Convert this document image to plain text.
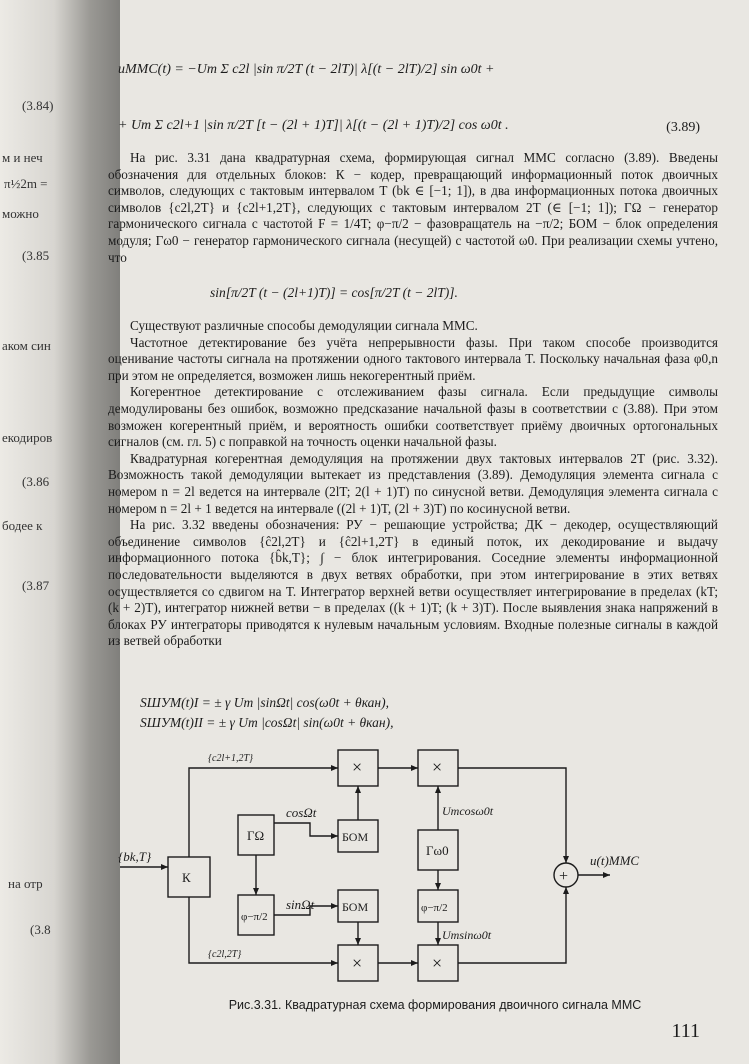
(3.84)
м и неч
π½2m =
можно
(3.85
аком син
екодиров
(3.86
бодее к
(3.87
на отр
(3.8
uММС(t) = −Um Σ c2l |sin π/2T (t − 2lT)| λ[(t − 2lT)/2] sin ω0t +
+ Um Σ c2l+1 |sin π/2T [t − (2l + 1)T]| λ[(t − (2l + 1)T)/2] cos ω0t .	(3.89)

На рис. 3.31 дана квадратурная схема, формирующая сигнал ММС согласно (3.89). Введены обозначения для отдельных блоков: К − кодер, превращающий информационный поток двоичных символов, следующих с тактовым интервалом T (bk ∈ [−1; 1]), в два информационных потока двоичных символов {c2l,2T} и {c2l+1,2T}, следующих с тактовым интервалом 2T (∈ [−1; 1]); ГΩ − генератор гармонического сигнала с частотой F = 1/4T; φ−π/2 − фазовращатель на −π/2; БОМ − блок определения модуля; Гω0 − генератор гармонического сигнала (несущей) с частотой ω0. При реализации схемы учтено, что

sin[π/2T (t − (2l+1)T)] = cos[π/2T (t − 2lT)].

Существуют различные способы демодуляции сигнала ММС.

Частотное детектирование без учёта непрерывности фазы. При таком способе производится оценивание частоты сигнала на протяжении одного тактового интервала T. Поскольку начальная фаза φ0,n при этом не определяется, возможен лишь некогерентный приём.

Когерентное детектирование с отслеживанием фазы сигнала. Если предыдущие символы демодулированы без ошибок, возможно предсказание начальной фазы в соответствии с (3.88). При этом возможен когерентный приём, и вероятность ошибки соответствует приёму двоичных ортогональных сигналов (см. гл. 5) с поправкой на точность оценки начальной фазы.

Квадратурная когерентная демодуляция на протяжении двух тактовых интервалов 2T (рис. 3.32). Возможность такой демодуляции вытекает из представления (3.89). Демодуляция элемента сигнала с номером n = 2l ведется на интервале (2lT; 2(l + 1)T) по синусной ветви. Демодуляция элемента сигнала с номером n = 2l + 1 ведется на интервале ((2l + 1)T, (2l + 3)T) по косинусной ветви.

На рис. 3.32 введены обозначения: РУ − решающие устройства; ДК − декодер, осуществляющий объединение символов {ĉ2l,2T} и {ĉ2l+1,2T} в единый поток, их декодирование и выдачу информационного потока {b̂k,T}; ∫ − блок интегрирования. Соседние элементы информационной последовательности выделяются в двух ветвях обработки, при этом интегрирование в этих ветвях осуществляется со сдвигом на T. Интегратор верхней ветви осуществляет интегрирование в пределах (kT; (k + 2)T), интегратор нижней ветви − в пределах ((k + 1)T; (k + 3)T). После выявления знака напряжений в блоках РУ интеграторы приводятся к нулевым начальным условиям. Входные полезные сигналы в каждой из ветвей обработки

SШУМ(t)I = ± γ Um |sinΩt| cos(ω0t + θкан),
SШУМ(t)II = ± γ Um |cosΩt| sin(ω0t + θкан),
{bk,T}
{c2l+1,2T}
{c2l,2T}
К
ΓΩ
φ−π/2
cosΩt
sinΩt
БОМ
БОМ
×	×
×	×
Γω0
φ−π/2
Umcosω0t
Umsinω0t
+
u(t)ММС
Рис.3.31. Квадратурная схема формирования двоичного сигнала ММС
111
